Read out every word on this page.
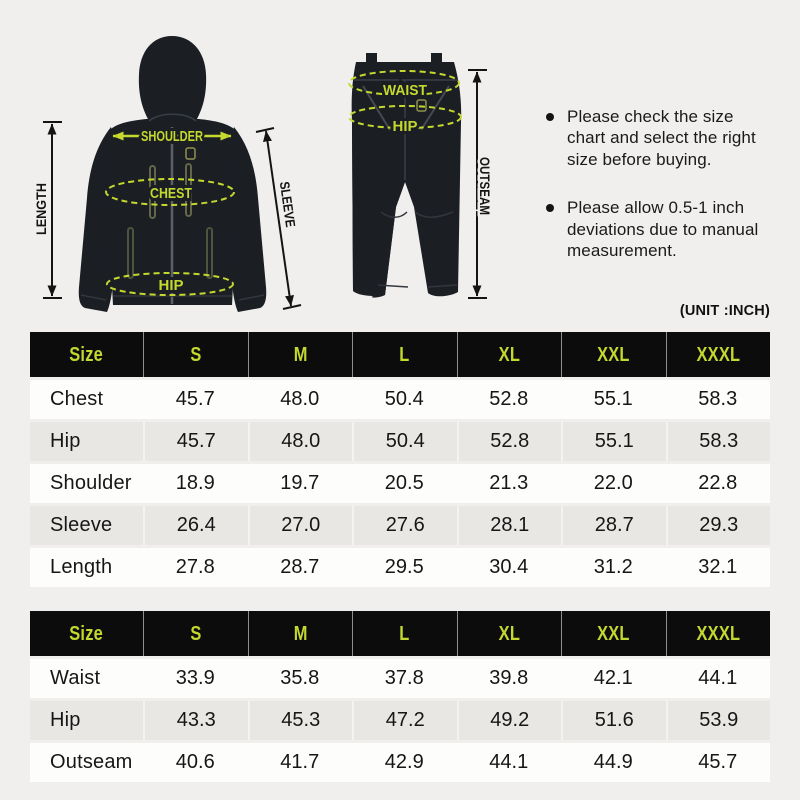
SHOULDER
CHEST
HIP
LENGTH	SLEEVE
WAIST
HIP
OUTSEAM

Please check the size chart and select the right size before buying.

Please allow 0.5-1 inch deviations due to manual measurement.

(UNIT :INCH)
Size	S	M	L	XL	XXL	XXXL
Chest	45.7	48.0	50.4	52.8	55.1	58.3
Hip	45.7	48.0	50.4	52.8	55.1	58.3
Shoulder	18.9	19.7	20.5	21.3	22.0	22.8
Sleeve	26.4	27.0	27.6	28.1	28.7	29.3
Length	27.8	28.7	29.5	30.4	31.2	32.1
Size	S	M	L	XL	XXL	XXXL
Waist	33.9	35.8	37.8	39.8	42.1	44.1
Hip	43.3	45.3	47.2	49.2	51.6	53.9
Outseam	40.6	41.7	42.9	44.1	44.9	45.7
